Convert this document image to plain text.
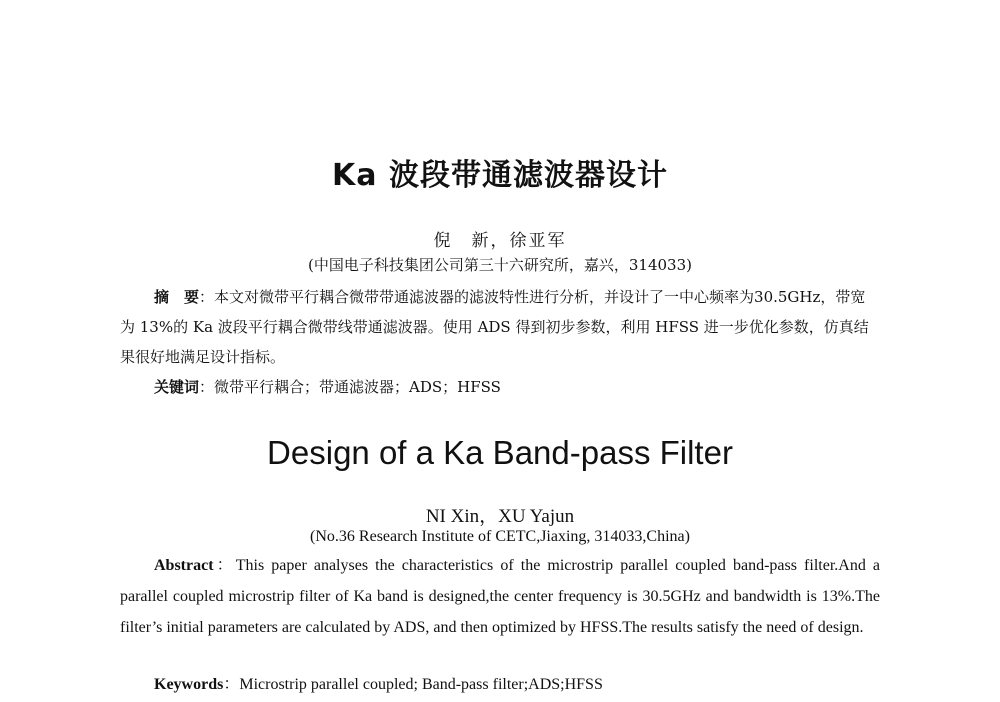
Ka 波段带通滤波器设计
倪　新，徐亚军
(中国电子科技集团公司第三十六研究所，嘉兴，314033)
摘　要：本文对微带平行耦合微带带通滤波器的滤波特性进行分析，并设计了一中心频率为30.5GHz，带宽为 13%的 Ka 波段平行耦合微带线带通滤波器。使用 ADS 得到初步参数，利用 HFSS 进一步优化参数，仿真结果很好地满足设计指标。
关键词：微带平行耦合；带通滤波器；ADS；HFSS
Design of a Ka Band-pass Filter
NI Xin，XU Yajun
(No.36 Research Institute of CETC,Jiaxing, 314033,China)
Abstract：This paper analyses the characteristics of the microstrip parallel coupled band-pass filter.And a parallel coupled microstrip filter of Ka band is designed,the center frequency is 30.5GHz and bandwidth is 13%.The filter’s initial parameters are calculated by ADS, and then optimized by HFSS.The results satisfy the need of design.
Keywords：Microstrip parallel coupled; Band-pass filter;ADS;HFSS
